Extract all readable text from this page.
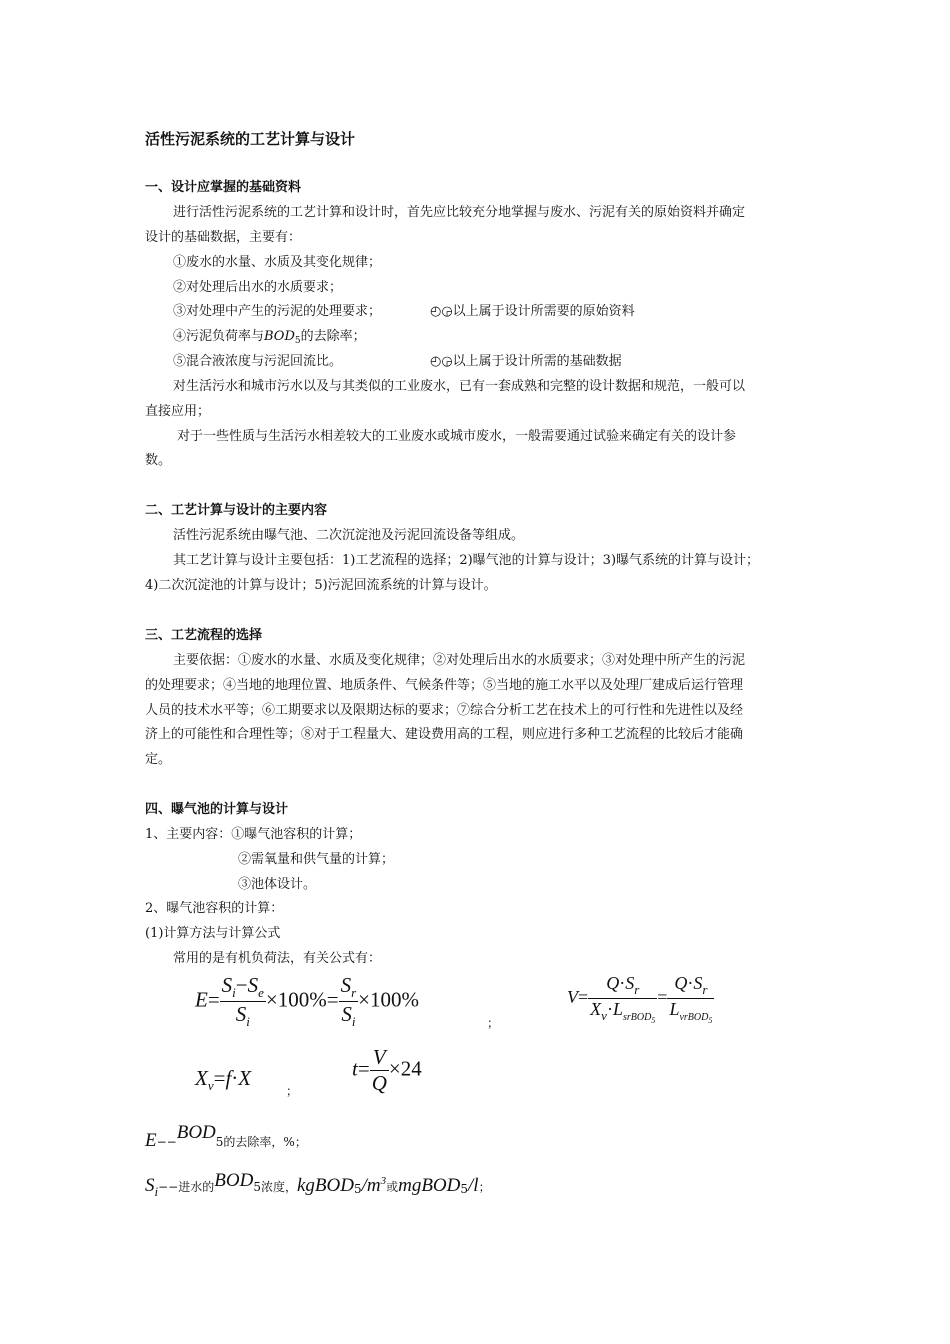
活性污泥系统的工艺计算与设计
一、设计应掌握的基础资料
进行活性污泥系统的工艺计算和设计时，首先应比较充分地掌握与废水、污泥有关的原始资料并确定
设计的基础数据，主要有：
①废水的水量、水质及其变化规律；
②对处理后出水的水质要求；
③对处理中产生的污泥的处理要求；	◴◶以上属于设计所需要的原始资料
④污泥负荷率与$BOD_5$的去除率；
⑤混合液浓度与污泥回流比。	◴◶以上属于设计所需的基础数据
对生活污水和城市污水以及与其类似的工业废水，已有一套成熟和完整的设计数据和规范，一般可以
直接应用；
对于一些性质与生活污水相差较大的工业废水或城市废水，一般需要通过试验来确定有关的设计参
数。
二、工艺计算与设计的主要内容
活性污泥系统由曝气池、二次沉淀池及污泥回流设备等组成。
其工艺计算与设计主要包括：1)工艺流程的选择；2)曝气池的计算与设计；3)曝气系统的计算与设计；
4)二次沉淀池的计算与设计；5)污泥回流系统的计算与设计。
三、工艺流程的选择
主要依据：①废水的水量、水质及变化规律；②对处理后出水的水质要求；③对处理中所产生的污泥
的处理要求；④当地的地理位置、地质条件、气候条件等；⑤当地的施工水平以及处理厂建成后运行管理
人员的技术水平等；⑥工期要求以及限期达标的要求；⑦综合分析工艺在技术上的可行性和先进性以及经
济上的可能性和合理性等；⑧对于工程量大、建设费用高的工程，则应进行多种工艺流程的比较后才能确
定。
四、曝气池的计算与设计
1、主要内容：①曝气池容积的计算；
②需氧量和供气量的计算；
③池体设计。
2、曝气池容积的计算：
(1)计算方法与计算公式
常用的是有机负荷法，有关公式有：
$E= \frac{S_i-S_e}{S_i} \times 100\%= \frac{S_r}{S_i} \times 100\%$
；
V=
$Q\cdot S_r$
$X_v\cdot L_{srBOD_5}$
=
$Q\cdot S_r$
$L_{vrBOD_5}$
$X_v=f\cdot X$
；
$t= \frac{V}{Q} \times 24$
E−−BOD5的去除率，%；
$S_i--$进水的BOD5浓度，$kgBOD5/m^3$或mgBOD5/l；
